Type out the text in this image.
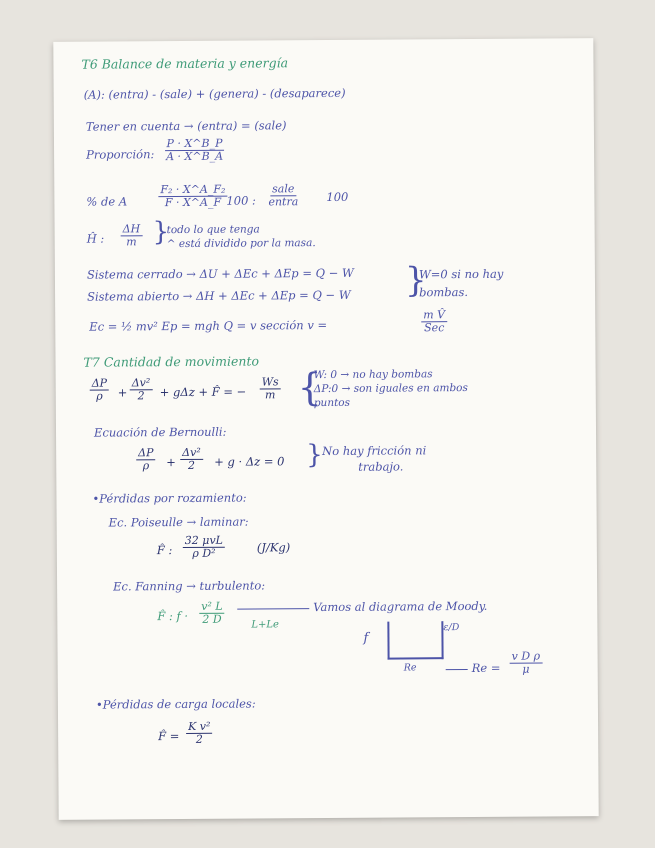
T6 Balance de materia y energía
(A): (entra) - (sale) + (genera) - (desaparece)
Tener en cuenta → (entra) = (sale)
Proporción: $\frac{P \cdot X\^{}B\_P}{A \cdot X\^{}B\_A}$
% de A	$\frac{\text{F₂ · X\textasciicircum{}A\_F₂}}{F \cdot X\^{}A\_F}$
100 :
sale
entra 100
Ĥ : $\frac{\Delta H}{m}$ }
todo lo que tenga
^ está dividido por la masa.
Sistema cerrado → ΔU + ΔEc + ΔEp = Q − W
Sistema abierto → ΔH + ΔEc + ΔEp = Q − W }
W=0 si no hay
bombas.
Ec = ½ mv² Ep = mgh Q = v sección v =
m V̂
Sec
T7 Cantidad de movimiento
$\frac{\Delta P}{\rho} + \frac{\text{Δv²}}{2} + g\Delta z$ + F̂ = − $\frac{Ws}{m}$ {
W: 0 → no hay bombas
ΔP:0 → son iguales en ambos
puntos
Ecuación de Bernoulli:
$\frac{\Delta P}{\rho} + \frac{\text{Δv²}}{2} + g \cdot \Delta z = 0$ } No hay fricción ni
trabajo.
•Pérdidas por rozamiento:
Ec. Poiseulle → laminar:
F̂ :
32 μvL
ρ D²	(J/Kg)
Ec. Fanning → turbulento:
F̂ : $f \cdot \frac{\text{v² L}}{2 D}$	L+Le
Vamos al diagrama de Moody.
f
ε/D
Re	$Re = \frac{\text{v D ρ}}{\mu}$
•Pérdidas de carga locales:
F̂ = $\frac{\text{K v²}}{2}$
